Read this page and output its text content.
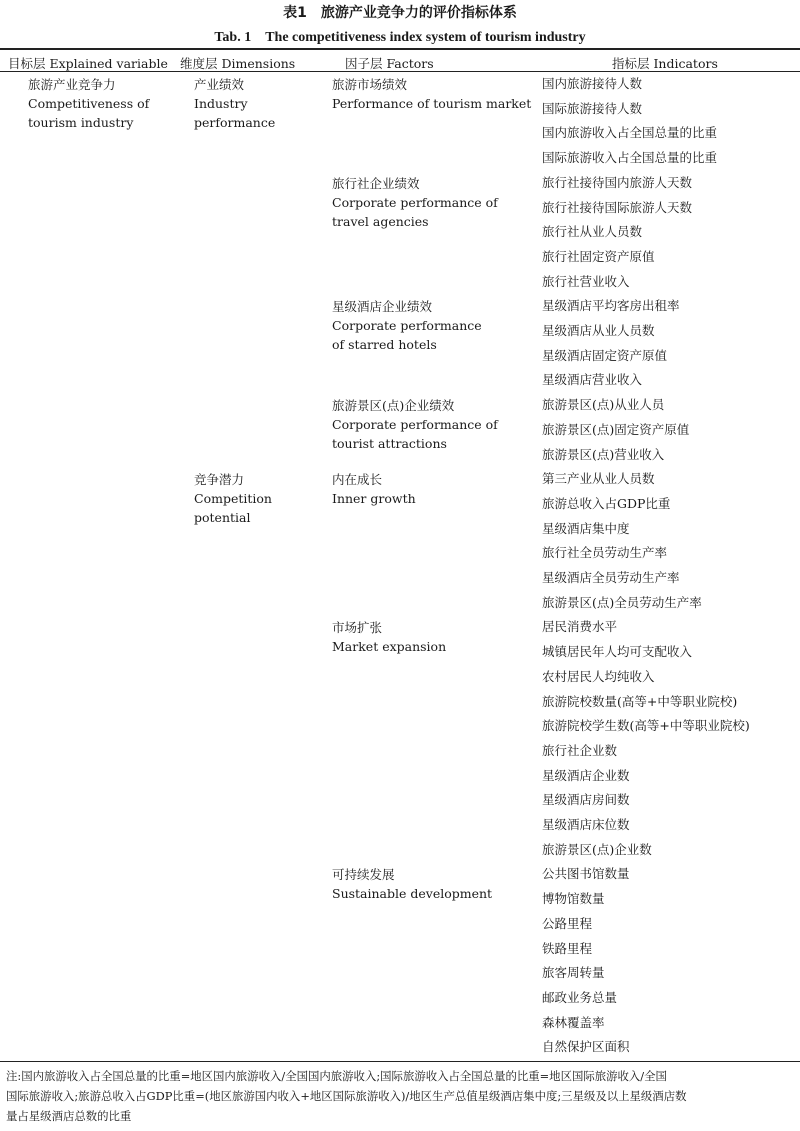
表1　旅游产业竞争力的评价指标体系
Tab. 1　The competitiveness index system of tourism industry
目标层 Explained variable 维度层 Dimensions	因子层 Factors	指标层 Indicators
旅游产业竞争力
Competitiveness of
tourism industry
产业绩效
Industry
performance
竞争潜力
Competition
potential
旅游市场绩效
Performance of tourism market
旅行社企业绩效
Corporate performance of
travel agencies
星级酒店企业绩效
Corporate performance
of starred hotels
旅游景区(点)企业绩效
Corporate performance of
tourist attractions
内在成长
Inner growth
市场扩张
Market expansion
可持续发展
Sustainable development
国内旅游接待人数
国际旅游接待人数
国内旅游收入占全国总量的比重
国际旅游收入占全国总量的比重
旅行社接待国内旅游人天数
旅行社接待国际旅游人天数
旅行社从业人员数
旅行社固定资产原值
旅行社营业收入
星级酒店平均客房出租率
星级酒店从业人员数
星级酒店固定资产原值
星级酒店营业收入
旅游景区(点)从业人员
旅游景区(点)固定资产原值
旅游景区(点)营业收入
第三产业从业人员数
旅游总收入占GDP比重
星级酒店集中度
旅行社全员劳动生产率
星级酒店全员劳动生产率
旅游景区(点)全员劳动生产率
居民消费水平
城镇居民年人均可支配收入
农村居民人均纯收入
旅游院校数量(高等+中等职业院校)
旅游院校学生数(高等+中等职业院校)
旅行社企业数
星级酒店企业数
星级酒店房间数
星级酒店床位数
旅游景区(点)企业数
公共图书馆数量
博物馆数量
公路里程
铁路里程
旅客周转量
邮政业务总量
森林覆盖率
自然保护区面积
注:国内旅游收入占全国总量的比重=地区国内旅游收入/全国国内旅游收入;国际旅游收入占全国总量的比重=地区国际旅游收入/全国
国际旅游收入;旅游总收入占GDP比重=(地区旅游国内收入+地区国际旅游收入)/地区生产总值星级酒店集中度;三星级及以上星级酒店数
量占星级酒店总数的比重
